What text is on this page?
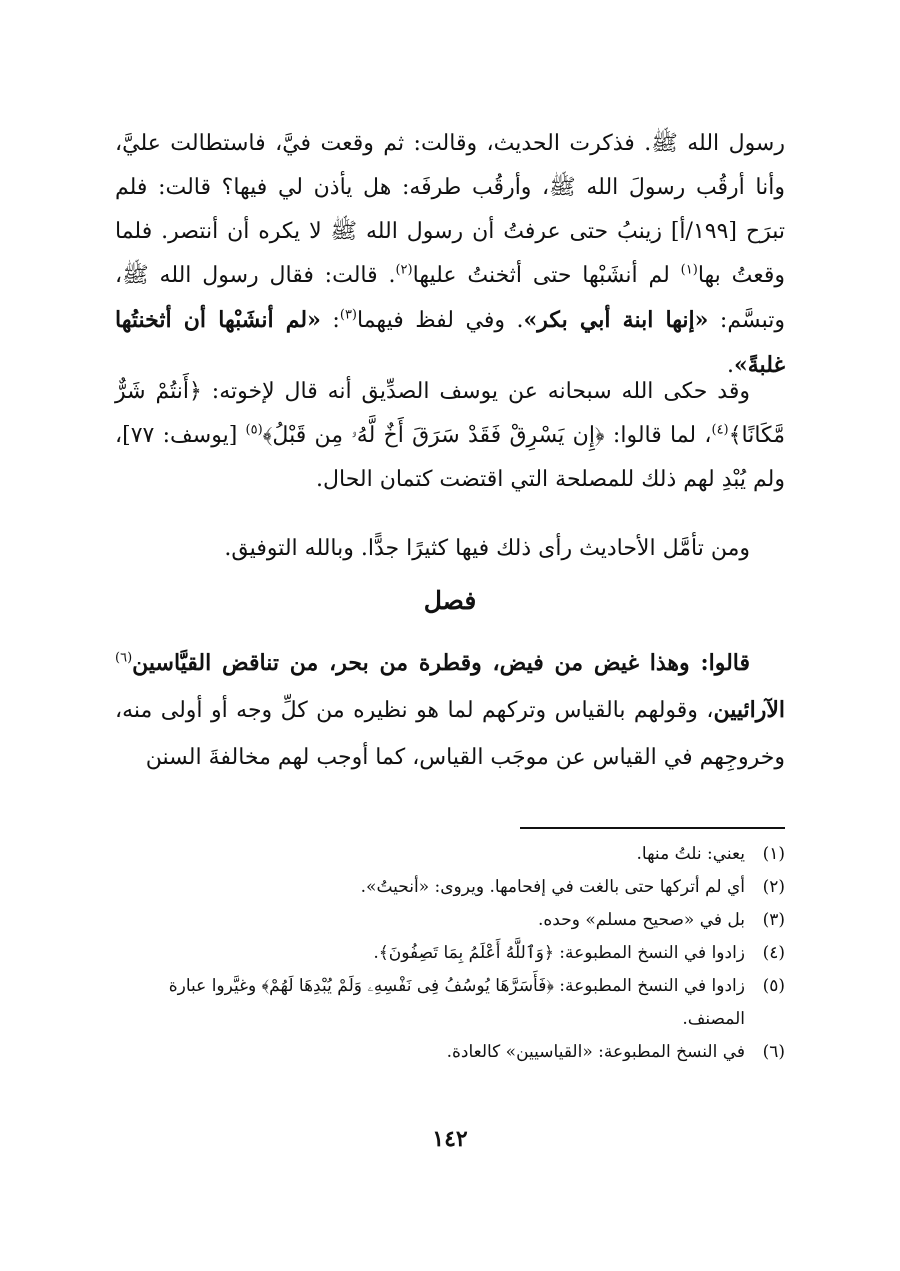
رسول الله ﷺ. فذكرت الحديث، وقالت: ثم وقعت فيَّ، فاستطالت عليَّ، وأنا أرقُب رسولَ الله ﷺ، وأرقُب طرفَه: هل يأذن لي فيها؟ قالت: فلم تبرَح [١٩٩/أ] زينبُ حتى عرفتُ أن رسول الله ﷺ لا يكره أن أنتصر. فلما وقعتُ بها$^{(١)}$ لم أنشَبْها حتى أثخنتُ عليها$^{(٢)}$. قالت: فقال رسول الله ﷺ، وتبسَّم: «إنها ابنة أبي بكر». وفي لفظ فيهما$^{(٣)}$: «لم أنشَبْها أن أثخنتُها غلبةً».
وقد حكى الله سبحانه عن يوسف الصدِّيق أنه قال لإخوته: ﴿أَنتُمْ شَرٌّ مَّكَانًا﴾$^{(٤)}$، لما قالوا: ﴿إِن يَسْرِقْ فَقَدْ سَرَقَ أَخٌ لَّهُۥ مِن قَبْلُ﴾$^{(٥)}$ [يوسف: ٧٧]، ولم يُبْدِ لهم ذلك للمصلحة التي اقتضت كتمان الحال.
ومن تأمَّل الأحاديث رأى ذلك فيها كثيرًا جدًّا. وبالله التوفيق.
فصل
قالوا: وهذا غيض من فيض، وقطرة من بحر، من تناقض القيَّاسين$^{(٦)}$ الآرائيين، وقولهم بالقياس وتركهم لما هو نظيره من كلِّ وجه أو أولى منه، وخروجِهم في القياس عن موجَب القياس، كما أوجب لهم مخالفةَ السنن
(١)
يعني: نلتُ منها.
(٢)
أي لم أتركها حتى بالغت في إفحامها. ويروى: «أنحيتُ».
(٣)
بل في «صحيح مسلم» وحده.
(٤)
زادوا في النسخ المطبوعة: ﴿وَٱللَّهُ أَعْلَمُ بِمَا تَصِفُونَ﴾.
(٥)
زادوا في النسخ المطبوعة: ﴿فَأَسَرَّهَا يُوسُفُ فِى نَفْسِهِۦ وَلَمْ يُبْدِهَا لَهُمْ﴾ وغيَّروا عبارة المصنف.
(٦)
في النسخ المطبوعة: «القياسيين» كالعادة.
١٤٢
